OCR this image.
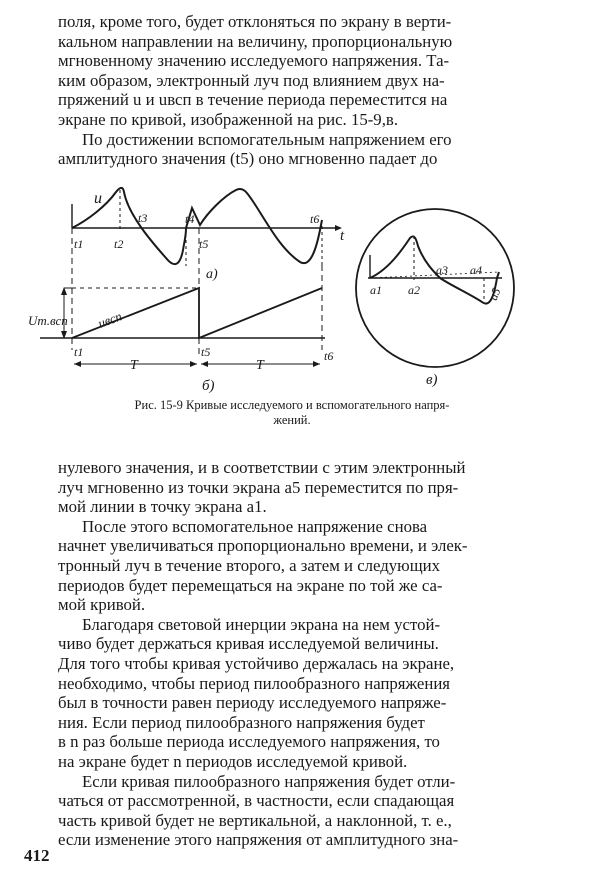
поля, кроме того, будет отклоняться по экрану в верти-

кальном направлении на величину, пропорциональную

мгновенному значению исследуемого напряжения. Та-

ким образом, электронный луч под влиянием двух на-

пряжений u и uвсп в течение периода переместится на

экране по кривой, изображенной на рис. 15-9,в.

По достижении вспомогательным напряжением его

амплитудного значения (t5) оно мгновенно падает до

t
u
t1	t2
t3	t4
t5
t6
a)
Um.всп uвсп
t1	t5	t6
T	T
б)
a1 a2
a3 a4
a5
в)
Рис. 15-9 Кривые исследуемого и вспомогательного напря-
жений.

нулевого значения, и в соответствии с этим электронный

луч мгновенно из точки экрана a5 переместится по пря-

мой линии в точку экрана a1.

После этого вспомогательное напряжение снова

начнет увеличиваться пропорционально времени, и элек-

тронный луч в течение второго, а затем и следующих

периодов будет перемещаться на экране по той же са-

мой кривой.

Благодаря световой инерции экрана на нем устой-

чиво будет держаться кривая исследуемой величины.

Для того чтобы кривая устойчиво держалась на экране,

необходимо, чтобы период пилообразного напряжения

был в точности равен периоду исследуемого напряже-

ния. Если период пилообразного напряжения будет

в n раз больше периода исследуемого напряжения, то

на экране будет n периодов исследуемой кривой.

Если кривая пилообразного напряжения будет отли-

чаться от рассмотренной, в частности, если спадающая

часть кривой будет не вертикальной, а наклонной, т. е.,

если изменение этого напряжения от амплитудного зна-

412
